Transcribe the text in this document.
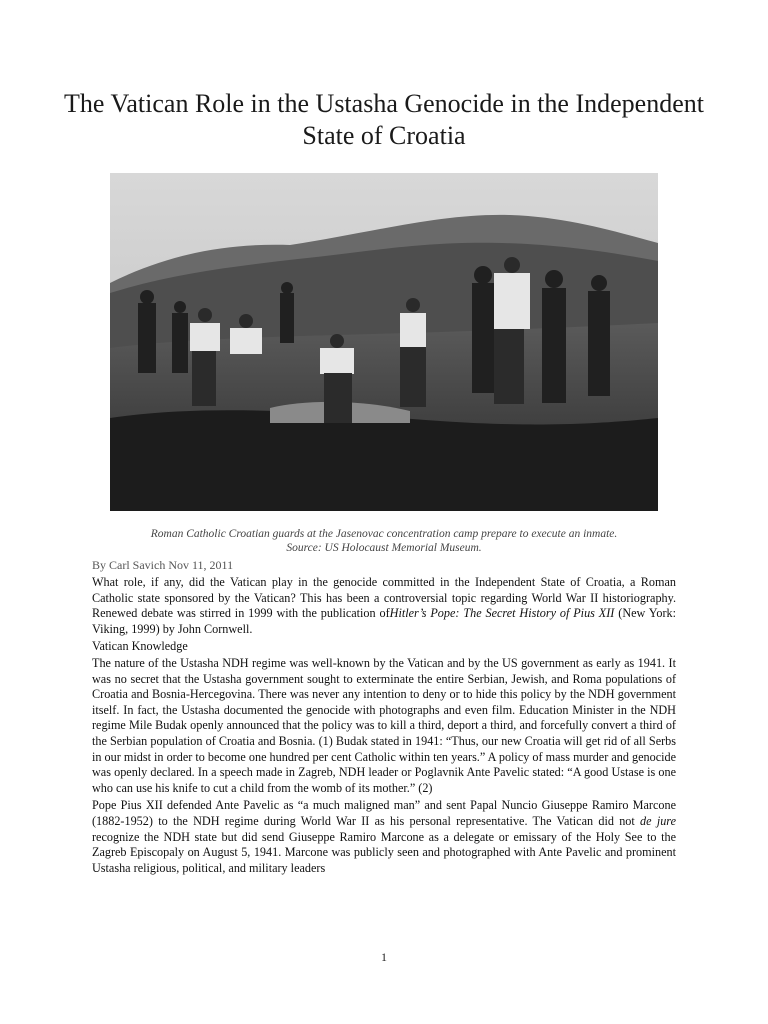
The Vatican Role in the Ustasha Genocide in the Independent State of Croatia

Roman Catholic Croatian guards at the Jasenovac concentration camp prepare to execute an inmate.
Source: US Holocaust Memorial Museum.

By Carl Savich Nov 11, 2011

What role, if any, did the Vatican play in the genocide committed in the Independent State of Croatia, a Roman Catholic state sponsored by the Vatican? This has been a controversial topic regarding World War II historiography. Renewed debate was stirred in 1999 with the publication ofHitler’s Pope: The Secret History of Pius XII (New York: Viking, 1999) by John Cornwell.

Vatican Knowledge

The nature of the Ustasha NDH regime was well-known by the Vatican and by the US government as early as 1941. It was no secret that the Ustasha government sought to exterminate the entire Serbian, Jewish, and Roma populations of Croatia and Bosnia-Hercegovina. There was never any intention to deny or to hide this policy by the NDH government itself. In fact, the Ustasha documented the genocide with photographs and even film. Education Minister in the NDH regime Mile Budak openly announced that the policy was to kill a third, deport a third, and forcefully convert a third of the Serbian population of Croatia and Bosnia. (1) Budak stated in 1941: “Thus, our new Croatia will get rid of all Serbs in our midst in order to become one hundred per cent Catholic within ten years.” A policy of mass murder and genocide was openly declared. In a speech made in Zagreb, NDH leader or Poglavnik Ante Pavelic stated: “A good Ustase is one who can use his knife to cut a child from the womb of its mother.” (2)

Pope Pius XII defended Ante Pavelic as “a much maligned man” and sent Papal Nuncio Giuseppe Ramiro Marcone (1882-1952) to the NDH regime during World War II as his personal representative. The Vatican did not de jure recognize the NDH state but did send Giuseppe Ramiro Marcone as a delegate or emissary of the Holy See to the Zagreb Episcopaly on August 5, 1941. Marcone was publicly seen and photographed with Ante Pavelic and prominent Ustasha religious, political, and military leaders

1
